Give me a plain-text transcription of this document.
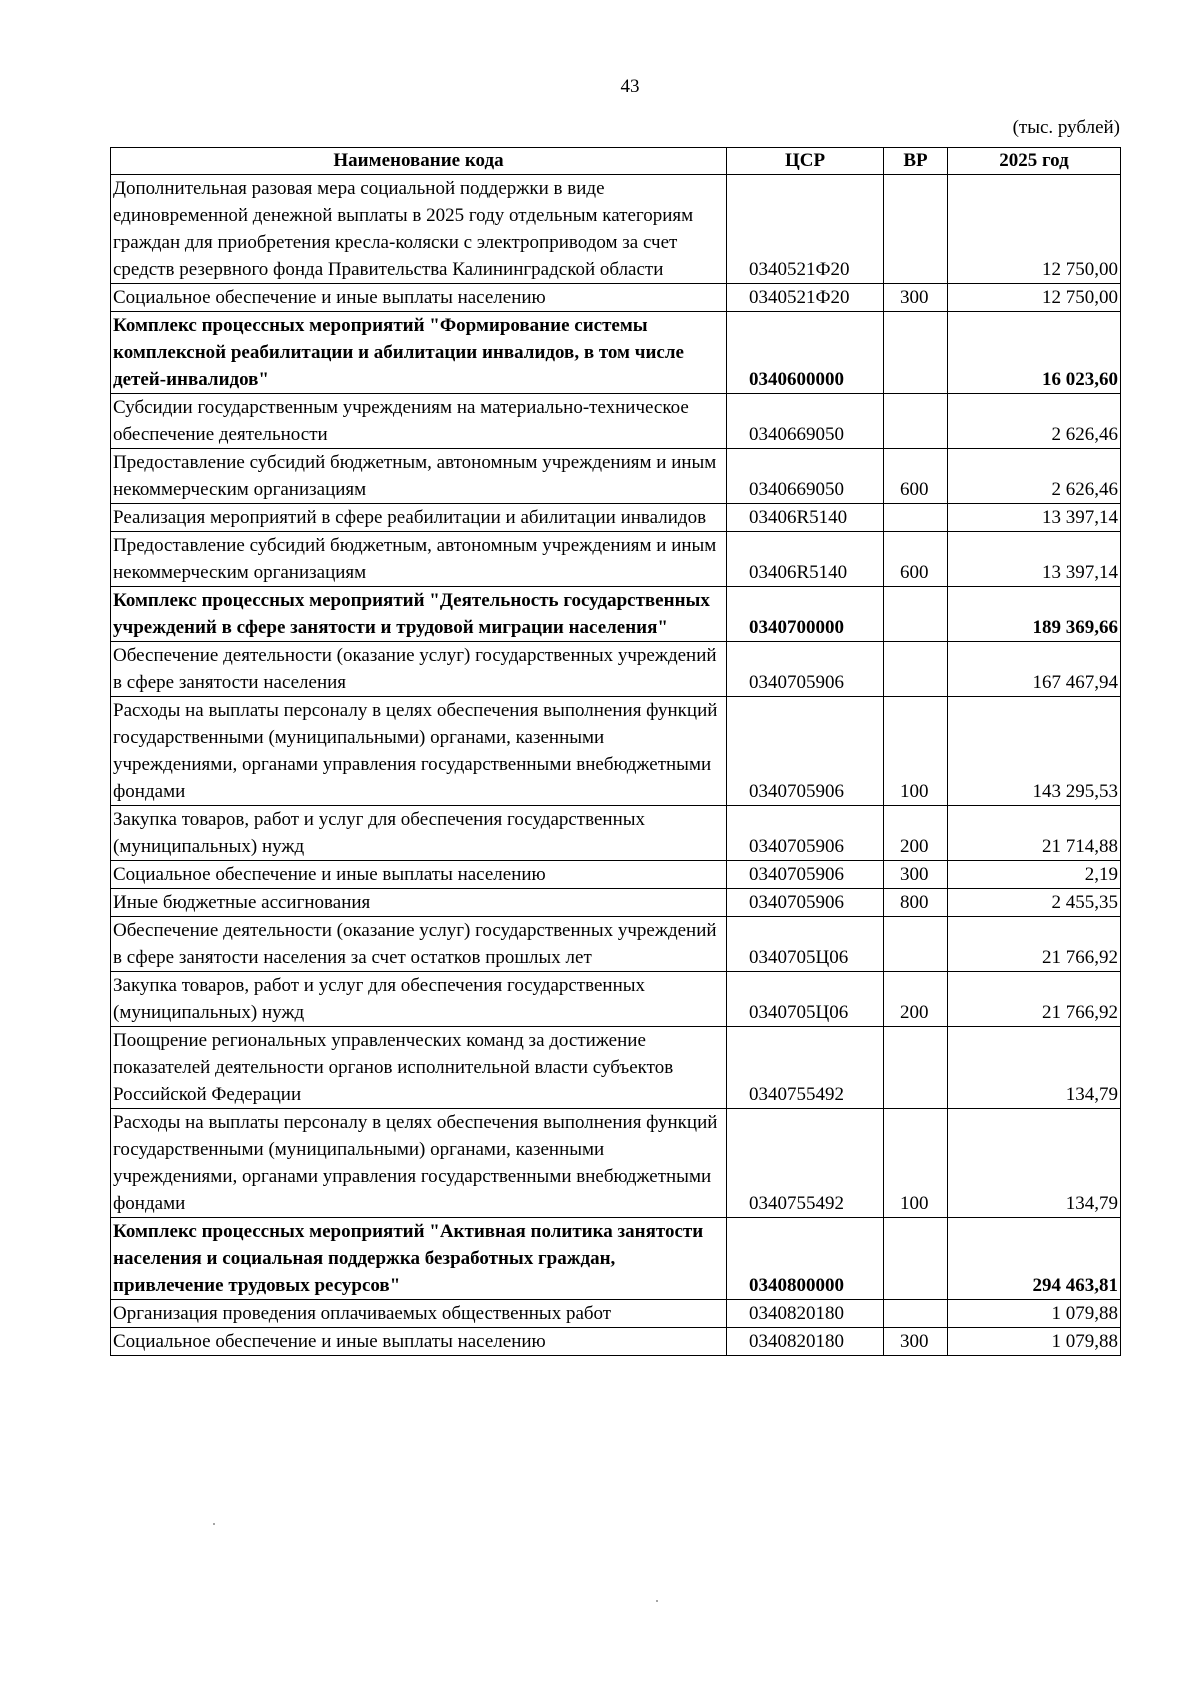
43
(тыс. рублей)
Наименование кода	ЦСР	ВР	2025 год
Дополнительная разовая мера социальной поддержки в виде единовременной денежной выплаты в 2025 году отдельным категориям граждан для приобретения кресла-коляски с электроприводом за счет средств резервного фонда Правительства Калининградской области	0340521Ф20		12 750,00
Социальное обеспечение и иные выплаты населению	0340521Ф20	300	12 750,00
Комплекс процессных мероприятий "Формирование системы комплексной реабилитации и абилитации инвалидов, в том числе детей-инвалидов"	0340600000		16 023,60
Субсидии государственным учреждениям на материально-техническое обеспечение деятельности	0340669050		2 626,46
Предоставление субсидий бюджетным, автономным учреждениям и иным некоммерческим организациям	0340669050	600	2 626,46
Реализация мероприятий в сфере реабилитации и абилитации инвалидов	03406R5140		13 397,14
Предоставление субсидий бюджетным, автономным учреждениям и иным некоммерческим организациям	03406R5140	600	13 397,14
Комплекс процессных мероприятий "Деятельность государственных учреждений в сфере занятости и трудовой миграции населения"	0340700000		189 369,66
Обеспечение деятельности (оказание услуг) государственных учреждений в сфере занятости населения	0340705906		167 467,94
Расходы на выплаты персоналу в целях обеспечения выполнения функций государственными (муниципальными) органами, казенными учреждениями, органами управления государственными внебюджетными фондами	0340705906	100	143 295,53
Закупка товаров, работ и услуг для обеспечения государственных (муниципальных) нужд	0340705906	200	21 714,88
Социальное обеспечение и иные выплаты населению	0340705906	300	2,19
Иные бюджетные ассигнования	0340705906	800	2 455,35
Обеспечение деятельности (оказание услуг) государственных учреждений в сфере занятости населения за счет остатков прошлых лет	0340705Ц06		21 766,92
Закупка товаров, работ и услуг для обеспечения государственных (муниципальных) нужд	0340705Ц06	200	21 766,92
Поощрение региональных управленческих команд за достижение показателей деятельности органов исполнительной власти субъектов Российской Федерации	0340755492		134,79
Расходы на выплаты персоналу в целях обеспечения выполнения функций государственными (муниципальными) органами, казенными учреждениями, органами управления государственными внебюджетными фондами	0340755492	100	134,79
Комплекс процессных мероприятий "Активная политика занятости населения и социальная поддержка безработных граждан, привлечение трудовых ресурсов"	0340800000		294 463,81
Организация проведения оплачиваемых общественных работ	0340820180		1 079,88
Социальное обеспечение и иные выплаты населению	0340820180	300	1 079,88
